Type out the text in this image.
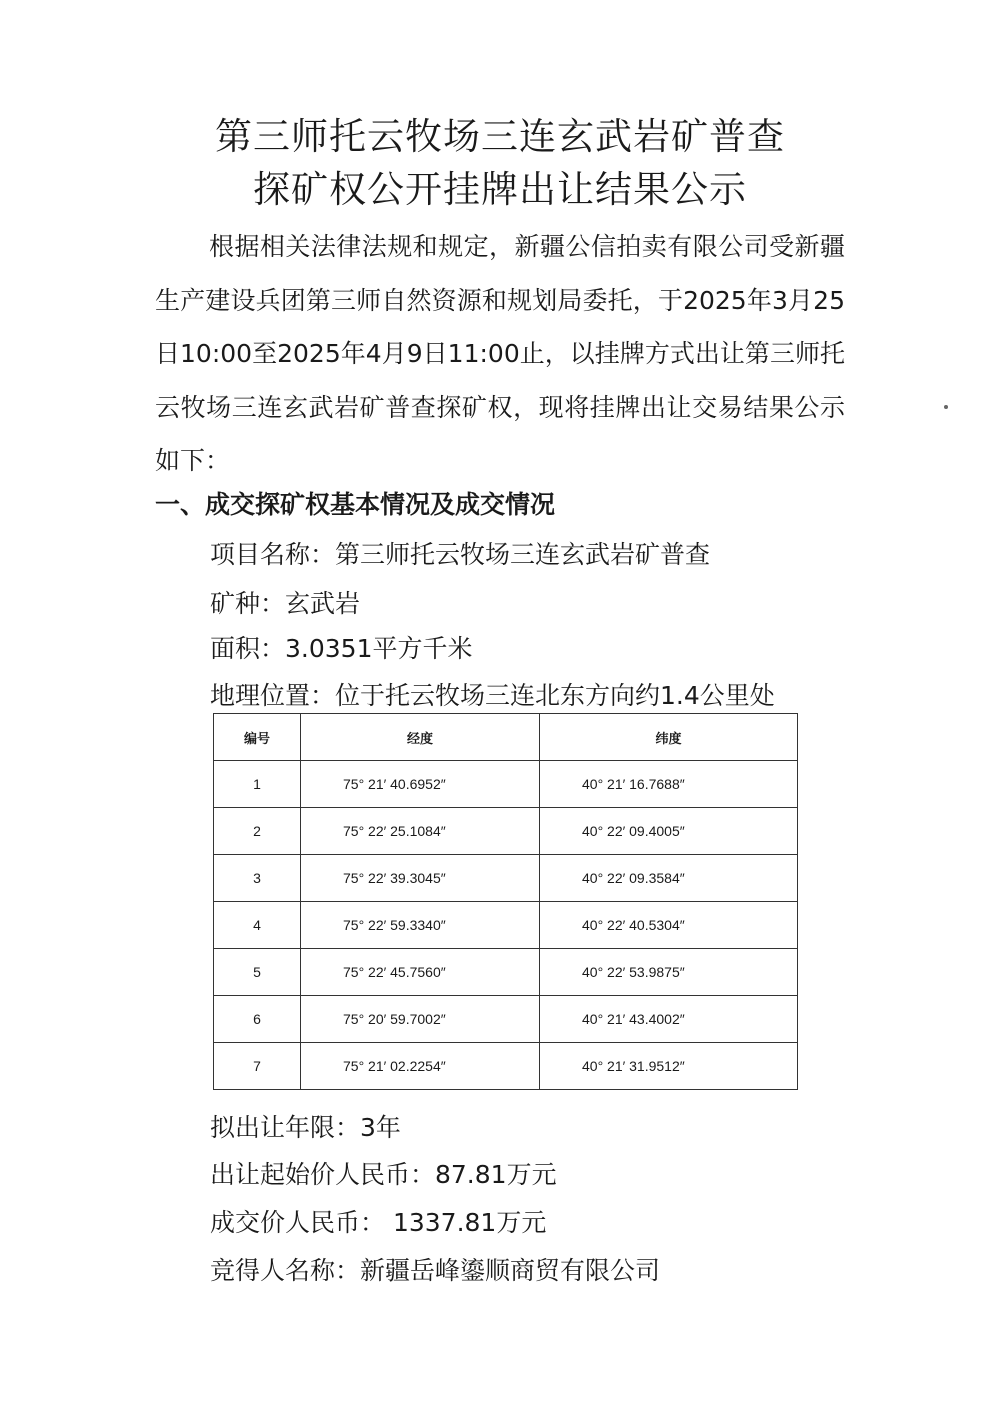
第三师托云牧场三连玄武岩矿普查
探矿权公开挂牌出让结果公示

根据相关法律法规和规定，新疆公信拍卖有限公司受新疆生产建设兵团第三师自然资源和规划局委托，于2025年3月25日10:00至2025年4月9日11:00止，以挂牌方式出让第三师托云牧场三连玄武岩矿普查探矿权，现将挂牌出让交易结果公示如下：

一、成交探矿权基本情况及成交情况
项目名称：第三师托云牧场三连玄武岩矿普查
矿种：玄武岩
面积：3.0351平方千米
地理位置：位于托云牧场三连北东方向约1.4公里处
编号	经度	纬度
1	75° 21′ 40.6952″	40° 21′ 16.7688″
2	75° 22′ 25.1084″	40° 22′ 09.4005″
3	75° 22′ 39.3045″	40° 22′ 09.3584″
4	75° 22′ 59.3340″	40° 22′ 40.5304″
5	75° 22′ 45.7560″	40° 22′ 53.9875″
6	75° 20′ 59.7002″	40° 21′ 43.4002″
7	75° 21′ 02.2254″	40° 21′ 31.9512″
拟出让年限：3年
出让起始价人民币：87.81万元
成交价人民币： 1337.81万元
竞得人名称：新疆岳峰鎏顺商贸有限公司
